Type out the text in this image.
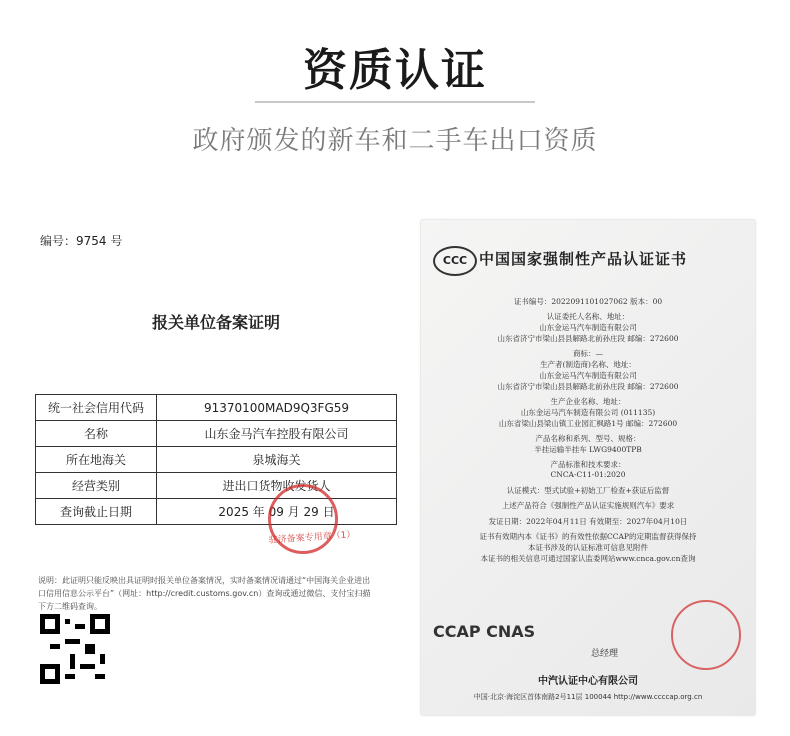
资质认证
政府颁发的新车和二手车出口资质
编号：9754 号
报关单位备案证明
统一社会信用代码	91370100MAD9Q3FG59
名称	山东金马汽车控股有限公司
所在地海关	泉城海关
经营类别	进出口货物收发货人
查询截止日期	2025 年 09 月 29 日
驻济备案专用章（1）
说明：此证明只能反映出具证明时报关单位备案情况，实时备案情况请通过“中国海关企业进出口信用信息公示平台”（网址：http://credit.customs.gov.cn）查询或通过微信、支付宝扫描下方二维码查询。
CCC 中国国家强制性产品认证证书
证书编号：2022091101027062 版本：00
认证委托人名称、地址：
山东金运马汽车制造有限公司
山东省济宁市梁山县县解路北前孙庄段 邮编：272600
商标：—
生产者(制造商)名称、地址：
山东金运马汽车制造有限公司
山东省济宁市梁山县县解路北前孙庄段 邮编：272600
生产企业名称、地址：
山东金运马汽车制造有限公司 (011135)
山东省梁山县梁山镇工业园汇枫路1号 邮编：272600
产品名称和系列、型号、规格：
半挂运输半挂车 LWG9400TPB
产品标准和技术要求：
CNCA-C11-01:2020
认证模式：型式试验+初始工厂检查+获证后监督
上述产品符合《强制性产品认证实施规则汽车》要求
发证日期：2022年04月11日 有效期至：2027年04月10日
证书有效期内本《证书》的有效性依据CCAP的定期监督获得保持
本证书涉及的认证标准可信息见附件
本证书的相关信息可通过国家认监委网站www.cnca.gov.cn查询
CCAP CNAS
总经理
中汽认证中心有限公司
中国·北京·海淀区首体南路2号11层 100044 http://www.ccccap.org.cn
